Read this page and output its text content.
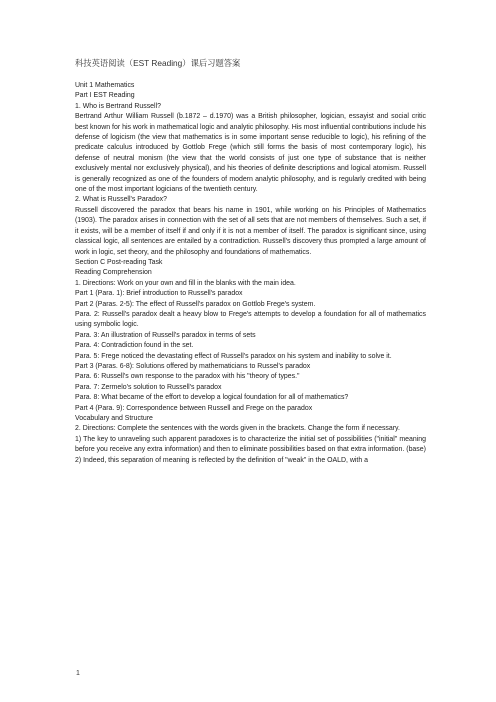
科技英语阅读（EST Reading）课后习题答案

Unit 1 Mathematics

Part I EST Reading

1. Who is Bertrand Russell?

Bertrand Arthur William Russell (b.1872 – d.1970) was a British philosopher, logician, essayist and social critic best known for his work in mathematical logic and analytic philosophy. His most influential contributions include his defense of logicism (the view that mathematics is in some important sense reducible to logic), his refining of the predicate calculus introduced by Gottlob Frege (which still forms the basis of most contemporary logic), his defense of neutral monism (the view that the world consists of just one type of substance that is neither exclusively mental nor exclusively physical), and his theories of definite descriptions and logical atomism. Russell is generally recognized as one of the founders of modern analytic philosophy, and is regularly credited with being one of the most important logicians of the twentieth century.

2. What is Russell's Paradox?

Russell discovered the paradox that bears his name in 1901, while working on his Principles of Mathematics (1903). The paradox arises in connection with the set of all sets that are not members of themselves. Such a set, if it exists, will be a member of itself if and only if it is not a member of itself. The paradox is significant since, using classical logic, all sentences are entailed by a contradiction. Russell's discovery thus prompted a large amount of work in logic, set theory, and the philosophy and foundations of mathematics.

Section C Post-reading Task

Reading Comprehension

1. Directions: Work on your own and fill in the blanks with the main idea.

Part 1 (Para. 1): Brief introduction to Russell's paradox

Part 2 (Paras. 2-5): The effect of Russell's paradox on Gottlob Frege's system.

Para. 2: Russell's paradox dealt a heavy blow to Frege's attempts to develop a foundation for all of mathematics using symbolic logic.

Para. 3: An illustration of Russell's paradox in terms of sets

Para. 4: Contradiction found in the set.

Para. 5: Frege noticed the devastating effect of Russell's paradox on his system and inability to solve it.

Part 3 (Paras. 6-8): Solutions offered by mathematicians to Russel's paradox

Para. 6: Russell's own response to the paradox with his "theory of types."

Para. 7: Zermelo's solution to Russell's paradox

Para. 8: What became of the effort to develop a logical foundation for all of mathematics?

Part 4 (Para. 9): Correspondence between Russell and Frege on the paradox

Vocabulary and Structure

2. Directions: Complete the sentences with the words given in the brackets. Change the form if necessary.

1) The key to unraveling such apparent paradoxes is to characterize the initial set of possibilities ("initial" meaning before you receive any extra information) and then to eliminate possibilities based on that extra information. (base)

2) Indeed, this separation of meaning is reflected by the definition of "weak" in the OALD, with a

1
